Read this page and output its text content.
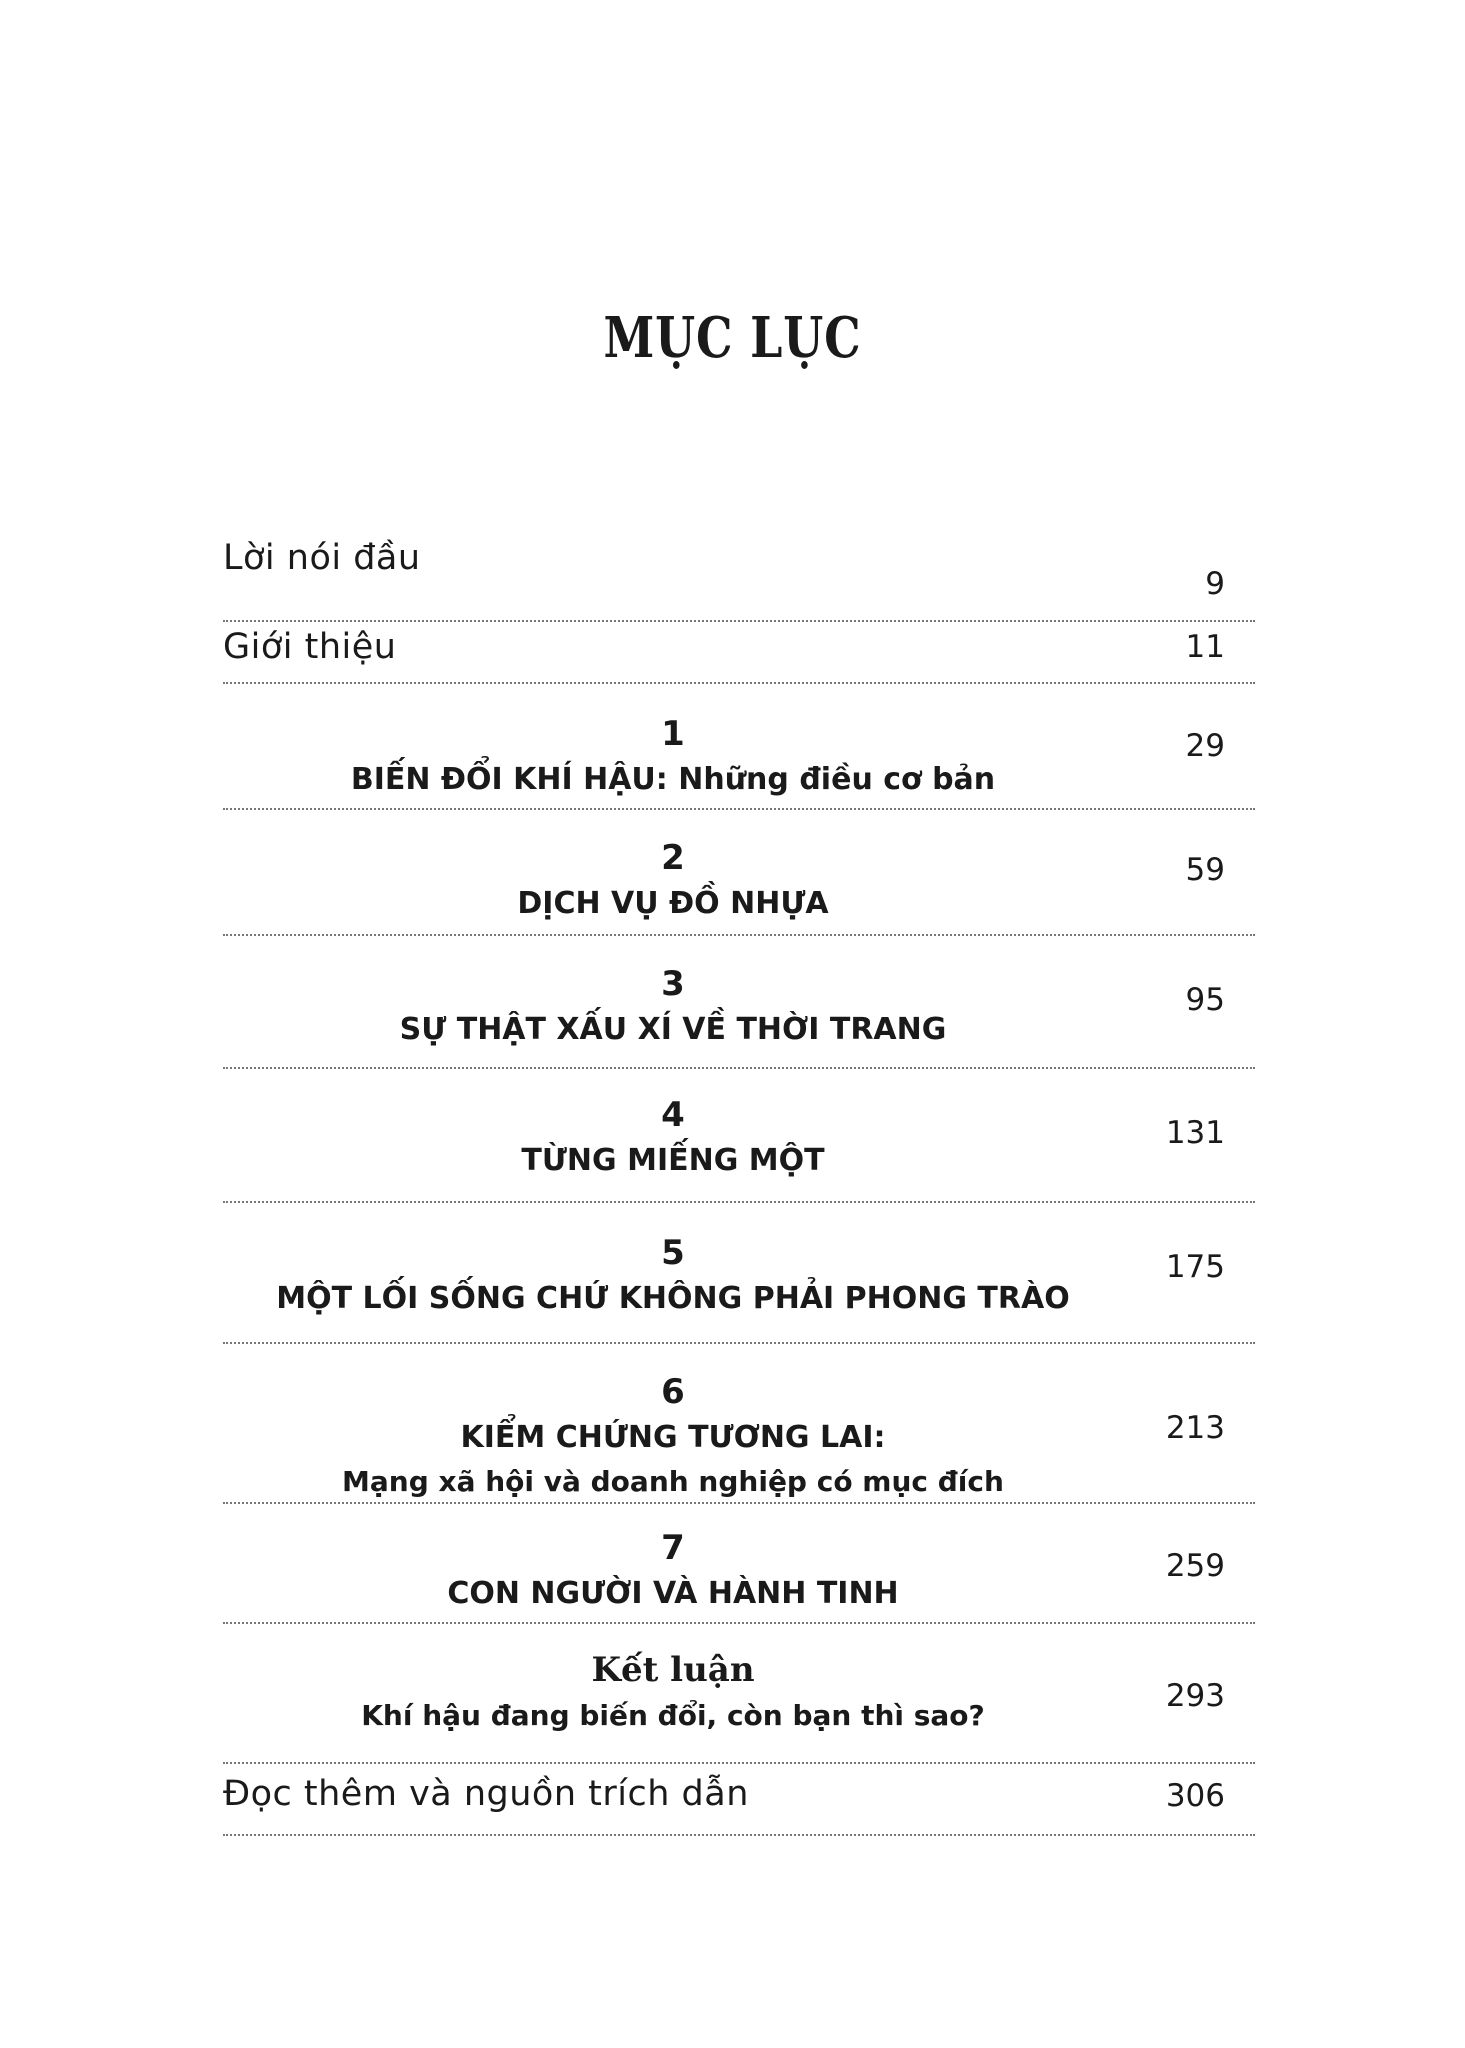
MỤC LỤC
Lời nói đầu
9
Giới thiệu	11
1
BIẾN ĐỔI KHÍ HẬU: Những điều cơ bản
29
2
DỊCH VỤ ĐỒ NHỰA
59
3
SỰ THẬT XẤU XÍ VỀ THỜI TRANG
95
4
TỪNG MIẾNG MỘT
131
5
MỘT LỐI SỐNG CHỨ KHÔNG PHẢI PHONG TRÀO
175
6
KIỂM CHỨNG TƯƠNG LAI:
Mạng xã hội và doanh nghiệp có mục đích
213
7
CON NGƯỜI VÀ HÀNH TINH
259
Kết luận
Khí hậu đang biến đổi, còn bạn thì sao?
293
Đọc thêm và nguồn trích dẫn	306
